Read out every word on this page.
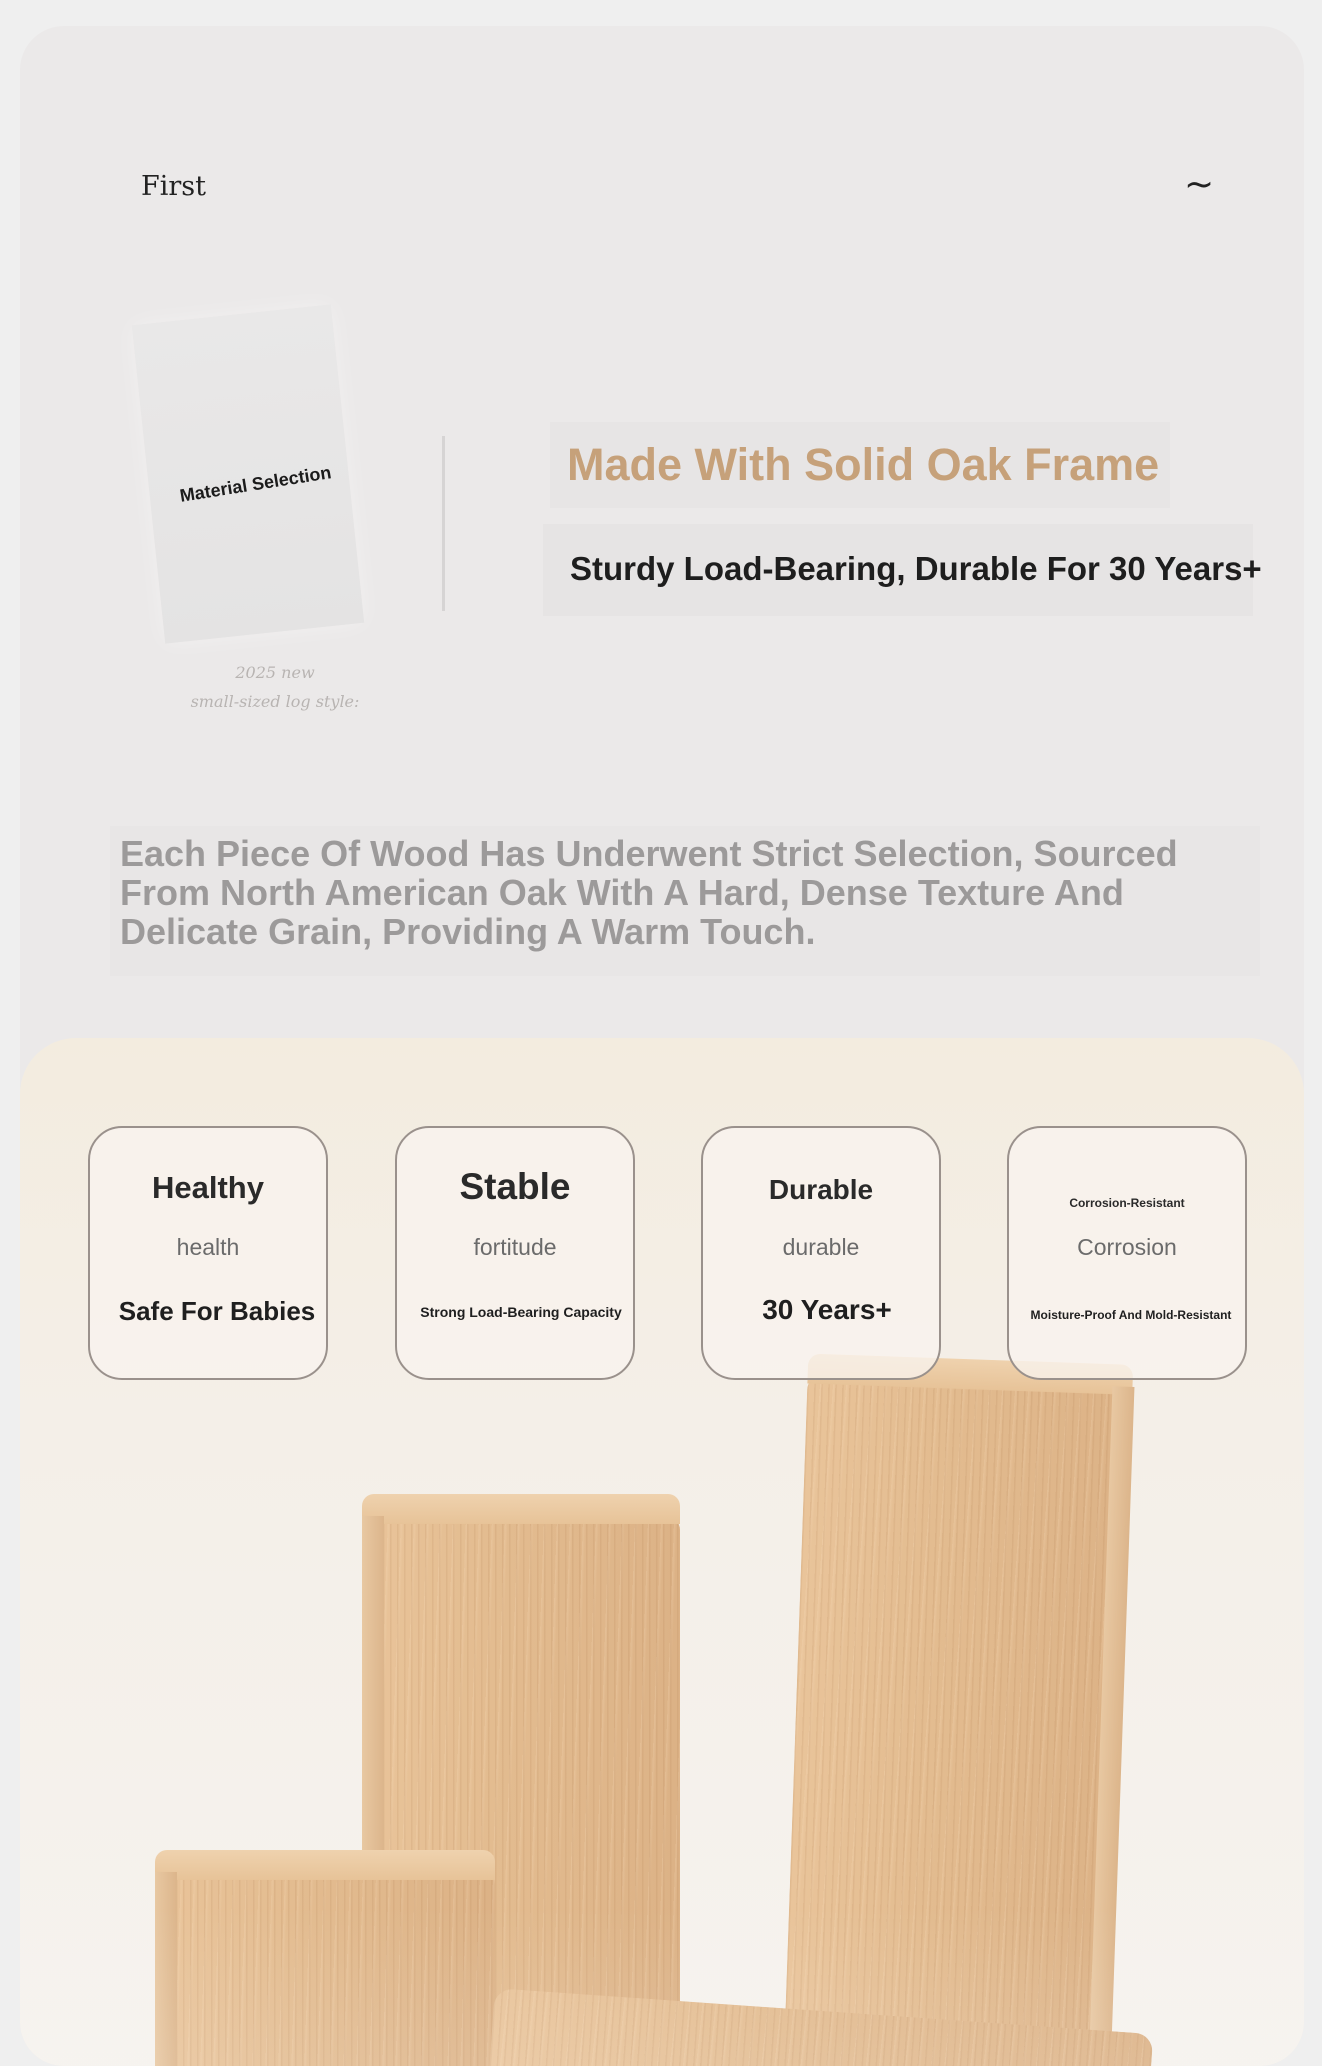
First	~
Material Selection
2025 new
small-sized log style:
Made With Solid Oak Frame
Sturdy Load-Bearing, Durable For 30 Years+
Each Piece Of Wood Has Underwent Strict Selection, Sourced From North American Oak With A Hard, Dense Texture And Delicate Grain, Providing A Warm Touch.
Healthy
health
Safe For Babies
Stable
fortitude
Strong Load-Bearing Capacity
Durable
durable
30 Years+
Corrosion-Resistant
Corrosion
Moisture-Proof And Mold-Resistant
